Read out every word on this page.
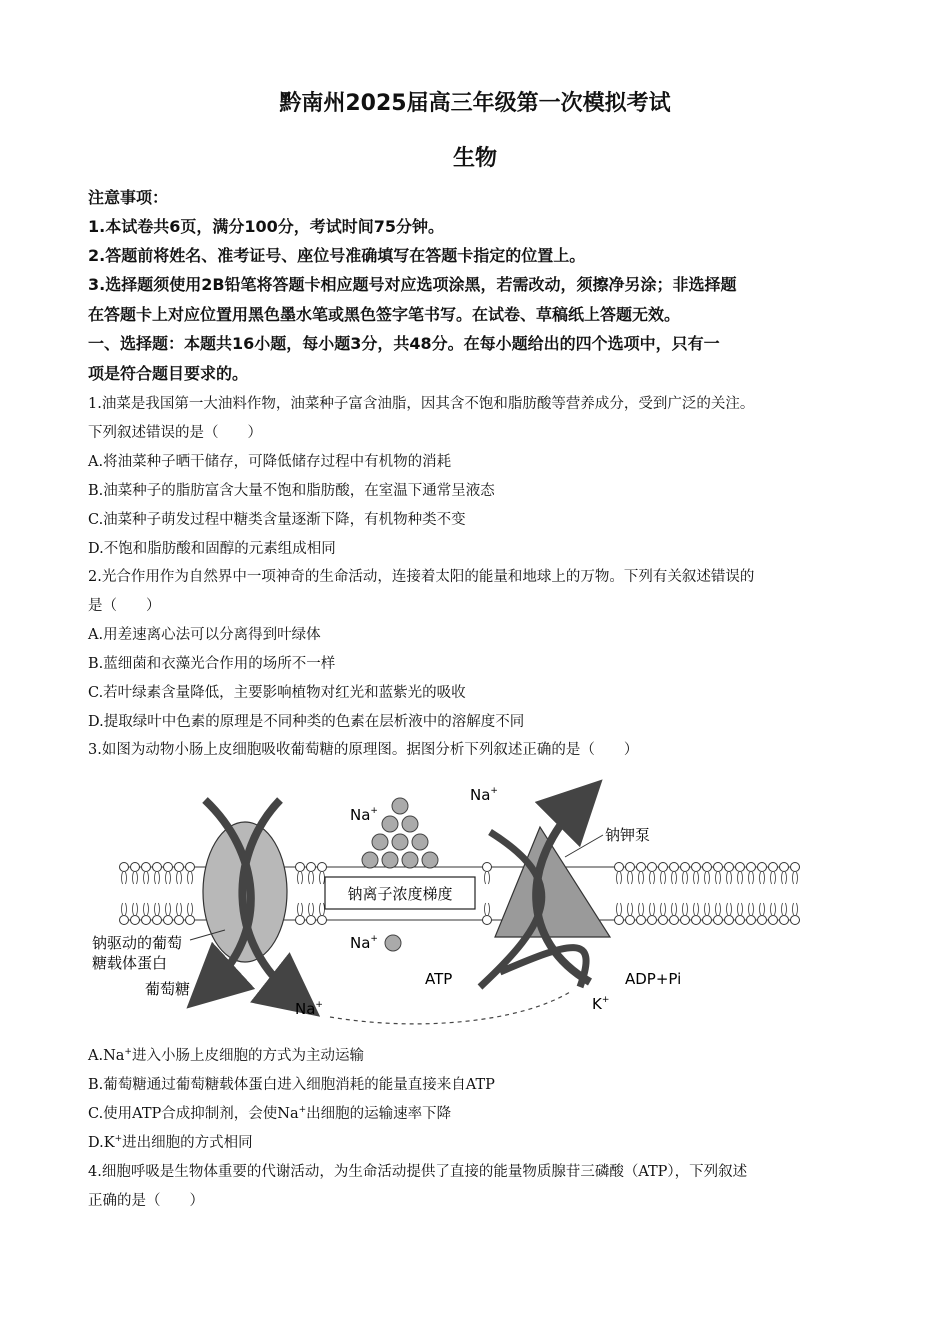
黔南州2025届高三年级第一次模拟考试
生物
注意事项：
1.本试卷共6页，满分100分，考试时间75分钟。
2.答题前将姓名、准考证号、座位号准确填写在答题卡指定的位置上。
3.选择题须使用2B铅笔将答题卡相应题号对应选项涂黑，若需改动，须擦净另涂；非选择题
在答题卡上对应位置用黑色墨水笔或黑色签字笔书写。在试卷、草稿纸上答题无效。
一、选择题：本题共16小题，每小题3分，共48分。在每小题给出的四个选项中，只有一
项是符合题目要求的。
1.油菜是我国第一大油料作物，油菜种子富含油脂，因其含不饱和脂肪酸等营养成分，受到广泛的关注。
下列叙述错误的是（　　）
A.将油菜种子晒干储存，可降低储存过程中有机物的消耗
B.油菜种子的脂肪富含大量不饱和脂肪酸，在室温下通常呈液态
C.油菜种子萌发过程中糖类含量逐渐下降，有机物种类不变
D.不饱和脂肪酸和固醇的元素组成相同
2.光合作用作为自然界中一项神奇的生命活动，连接着太阳的能量和地球上的万物。下列有关叙述错误的
是（　　）
A.用差速离心法可以分离得到叶绿体
B.蓝细菌和衣藻光合作用的场所不一样
C.若叶绿素含量降低，主要影响植物对红光和蓝紫光的吸收
D.提取绿叶中色素的原理是不同种类的色素在层析液中的溶解度不同
3.如图为动物小肠上皮细胞吸收葡萄糖的原理图。据图分析下列叙述正确的是（　　）
钠离子浓度梯度
Na+
Na+
钠钾泵
Na+
钠驱动的葡萄
糖载体蛋白
葡萄糖
Na+
ATP	ADP+Pi
K+
A.Na+进入小肠上皮细胞的方式为主动运输
B.葡萄糖通过葡萄糖载体蛋白进入细胞消耗的能量直接来自ATP
C.使用ATP合成抑制剂，会使Na+出细胞的运输速率下降
D.K+进出细胞的方式相同
4.细胞呼吸是生物体重要的代谢活动，为生命活动提供了直接的能量物质腺苷三磷酸（ATP），下列叙述
正确的是（　　）
